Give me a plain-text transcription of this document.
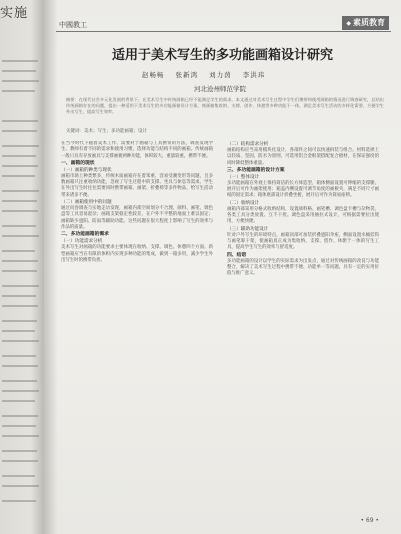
实施
中國教工	◆ 素质教育
适用于美术写生的多功能画箱设计研究
赵畅畅 张新鸿 刘力茵 李洪玮
河北沧州师范学院

摘要：在现代社会多元化发展的背景下，在美术写生中传统画箱已经不能满足学生的需求，本文通过对美术写生过程中学生们携带和使用画箱的情况进行调查研究，总结出传统画箱存在的问题，提出一种适用于美术写生的多功能画箱设计方案，使画箱集收纳、支撑、创作、休憩等多种功能于一体，满足美术写生活动的多样化需要，方便学生外出写生，提高写生效率。

关键词：美术；写生；多功能画箱；设计

在当今时代下随着美术工作、需要对于画箱与工具携带的方法，调查发现学生、教师有着不同的需求和使用习惯，选择功能与结构不同的画箱。传统画箱一般只具有存放画具与支撑画板两种功能，体积较大，重量较重，携带不便。

一、画箱的现状
（一）画箱的种类与现状

画箱市场上种类繁多，传统木质画箱存在着笨重、容易受潮变形等问题，且多数画箱只注重收纳功能，忽视了写生过程中的支撑、坐具与休息等需求。学生在外出写生时往往需要同时携带画箱、画架、折叠椅等多件物品，给写生活动带来诸多不便。

（二）画箱使用中的问题

通过问卷调查与实地走访发现，画箱内部空间划分不合理，颜料、画笔、调色盘等工具容易混杂；画箱支架稳定性较差，在户外不平整的地面上难以固定；画箱缺少遮阳、防雨等辅助功能。这些问题在很大程度上影响了写生的效率与作品的质量。

二、多功能画箱的需求
（一）功能需求分析

美术写生对画箱的功能要求主要体现在收纳、支撑、调色、休憩四个方面。新型画箱应当在有限的体积内实现多种功能的集成，做到一箱多用，减少学生外出写生时的携带负担。

（二）结构需求分析

画箱结构应当采用模块化设计，各部件之间可以快速拆装与组合。材料选择上以轻质、坚固、防水为原则，可选用铝合金框架搭配复合板材，在保证强度的同时降低整体重量。

三、多功能画箱的设计方案
（一）整体设计

多功能画箱在外观上保持简洁的长方体造型，箱体侧面设置可伸缩的支撑腿，展开后可作为画架使用；箱盖内侧设置可调节角度的画板夹，满足不同尺寸画纸的固定需求；箱体底部设计折叠坐板，展开后可作为简易座椅。

（二）收纳设计

画箱内部采用分格式收纳结构，设置颜料格、画笔槽、调色盘卡槽与杂物袋，各类工具分类放置、互不干扰。调色盘采用抽拉式设计，可根据需要拉出使用，方便快捷。

（三）辅助功能设计

针对户外写生的环境特点，画箱顶部可加装折叠遮阳伞座，侧面设置水桶挂钩与画笔晾干架，使画箱真正成为集收纳、支撑、创作、休憩于一体的写生工具，提高学生写生的效率与舒适度。

四、结语

多功能画箱的设计以学生的实际需求为出发点，通过对传统画箱的改良与功能整合，解决了美术写生过程中携带不便、功能单一等问题，具有一定的实用价值与推广意义。

• 69 •
